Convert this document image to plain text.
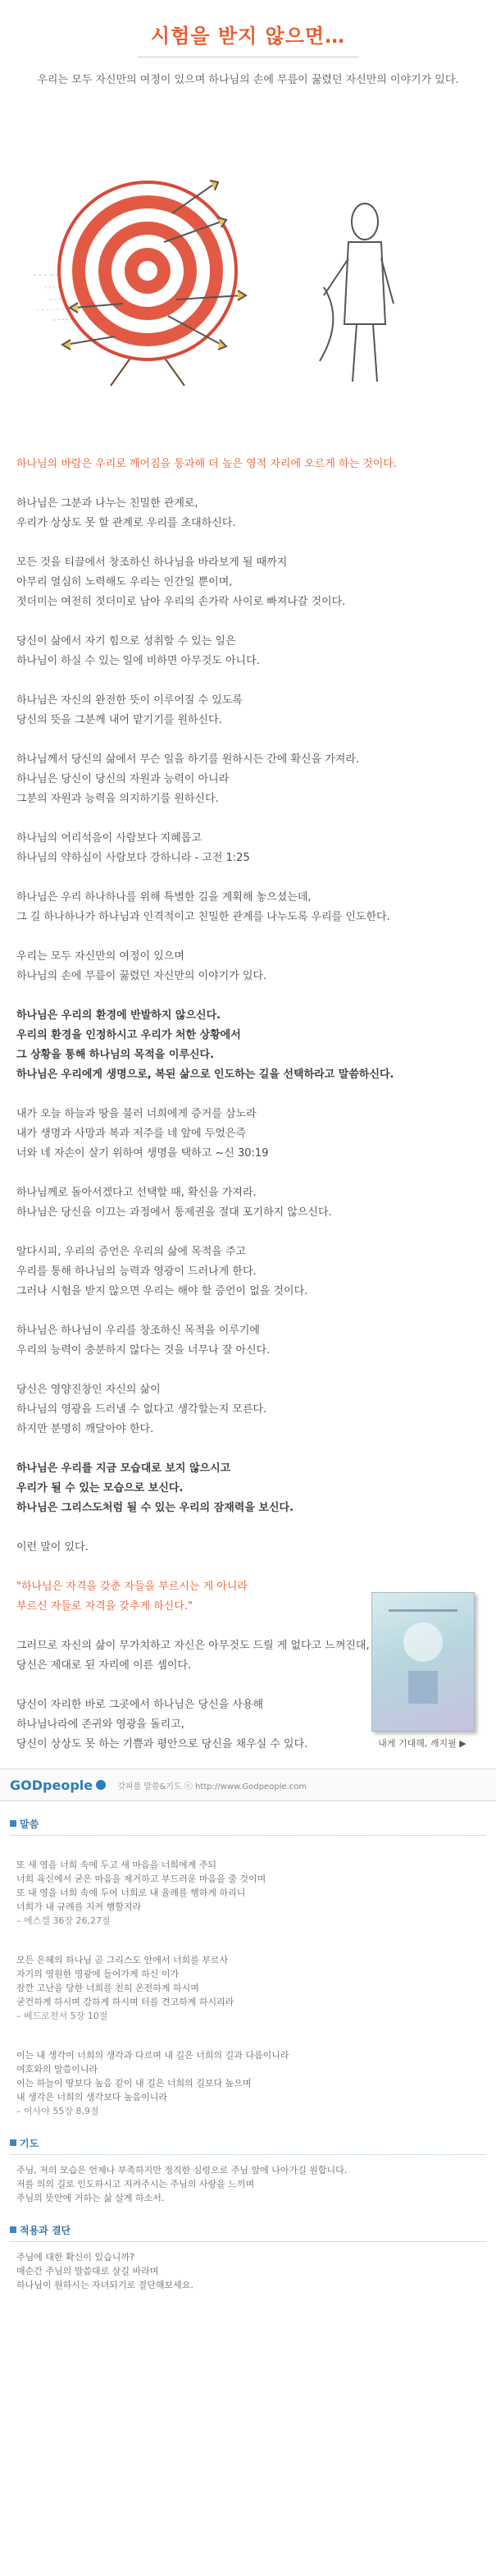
시험을 받지 않으면…

우리는 모두 자신만의 여정이 있으며 하나님의 손에 무릎이 꿇렸던 자신만의 이야기가 있다.

하나님의 바람은 우리로 깨어짐을 통과해 더 높은 영적 자리에 오르게 하는 것이다.

하나님은 그분과 나누는 친밀한 관계로,
우리가 상상도 못 할 관계로 우리를 초대하신다.

모든 것을 티끌에서 창조하신 하나님을 바라보게 될 때까지
아무리 열심히 노력해도 우리는 인간일 뿐이며,
젓더미는 여전히 젓더미로 남아 우리의 손가락 사이로 빠져나갈 것이다.

당신이 삶에서 자기 힘으로 성취할 수 있는 일은
하나님이 하실 수 있는 일에 비하면 아무것도 아니다.

하나님은 자신의 완전한 뜻이 이루어질 수 있도록
당신의 뜻을 그분께 내어 맡기기를 원하신다.

하나님께서 당신의 삶에서 무슨 일을 하기를 원하시든 간에 확신을 가져라.
하나님은 당신이 당신의 자원과 능력이 아니라
그분의 자원과 능력을 의지하기를 원하신다.

하나님의 어리석음이 사람보다 지혜롭고
하나님의 약하심이 사람보다 강하니라 - 고전 1:25

하나님은 우리 하나하나를 위해 특별한 길을 계획해 놓으셨는데,
그 길 하나하나가 하나님과 인격적이고 친밀한 관계를 나누도록 우리를 인도한다.

우리는 모두 자신만의 여정이 있으며
하나님의 손에 무릎이 꿇렸던 자신만의 이야기가 있다.

하나님은 우리의 환경에 반발하지 않으신다.
우리의 환경을 인정하시고 우리가 처한 상황에서
그 상황을 통해 하나님의 목적을 이루신다.
하나님은 우리에게 생명으로, 복된 삶으로 인도하는 길을 선택하라고 말씀하신다.

내가 오늘 하늘과 땅을 불러 너희에게 증거를 삼노라
내가 생명과 사망과 복과 저주를 네 앞에 두었은즉
너와 네 자손이 살기 위하여 생명을 택하고 ~신 30:19

하나님께로 돌아서겠다고 선택할 때, 확신을 가져라.
하나님은 당신을 이끄는 과정에서 통제권을 절대 포기하지 않으신다.

알다시피, 우리의 증언은 우리의 삶에 목적을 주고
우리를 통해 하나님의 능력과 영광이 드러나게 한다.
그러나 시험을 받지 않으면 우리는 해야 할 증언이 없을 것이다.

하나님은 하나님이 우리를 창조하신 목적을 이루기에
우리의 능력이 충분하지 않다는 것을 너무나 잘 아신다.

당신은 영양진창인 자신의 삶이
하나님의 영광을 드러낼 수 없다고 생각할는지 모른다.
하지만 분명히 깨달아야 한다.

하나님은 우리를 지금 모습대로 보지 않으시고
우리가 될 수 있는 모습으로 보신다.
하나님은 그리스도처럼 될 수 있는 우리의 잠재력을 보신다.

이런 말이 있다.

"하나님은 자격을 갖춘 자들을 부르시는 게 아니라
부르신 자들로 자격을 갖추게 하신다."

그러므로 자신의 삶이 무가치하고 자신은 아무것도 드릴 게 없다고 느껴진대,
당신은 제대로 된 자리에 이른 셈이다.

당신이 자리한 바로 그곳에서 하나님은 당신을 사용해
하나님나라에 존귀와 영광을 돌리고,
당신이 상상도 못 하는 기쁨과 평안으로 당신을 채우실 수 있다.	내게 기대해, 깨지필 ▶
GODpeople	갓피플 말씀&기도 ⓒ http://www.Godpeople.com
말씀

또 새 영을 너희 속에 두고 새 마음을 너희에게 주되
너희 육신에서 굳은 마음을 제거하고 부드러운 마음을 줄 것이며
또 내 영을 너희 속에 두어 너희로 내 율례를 행하게 하리니
너희가 내 규례를 지켜 행할지라
– 에스겔 36장 26,27절

모든 은혜의 하나님 곧 그리스도 안에서 너희를 부르사
자기의 영원한 영광에 들어가게 하신 이가
잠깐 고난을 당한 너희를 친히 온전하게 하시며
굳건하게 하시며 강하게 하시며 터를 견고하게 하시리라
– 베드로전서 5장 10절

이는 내 생각이 너희의 생각과 다르며 내 길은 너희의 길과 다름이니라
여호와의 말씀이니라
이는 하늘이 땅보다 높음 같이 내 길은 너희의 길보다 높으며
내 생각은 너희의 생각보다 높음이니라
– 이사야 55장 8,9절

기도
주님, 저의 모습은 언제나 부족하지만 정직한 심령으로 주님 앞에 나아가길 원합니다.
저를 의의 길로 인도하시고 지켜주시는 주님의 사랑을 느끼며
주님의 뜻안에 거하는 삶 살게 하소서.
적용과 결단
주님에 대한 확신이 있습니까?
매순간 주님의 말씀대로 살길 바라며
하나님이 원하시는 자녀되기로 결단해보세요.
